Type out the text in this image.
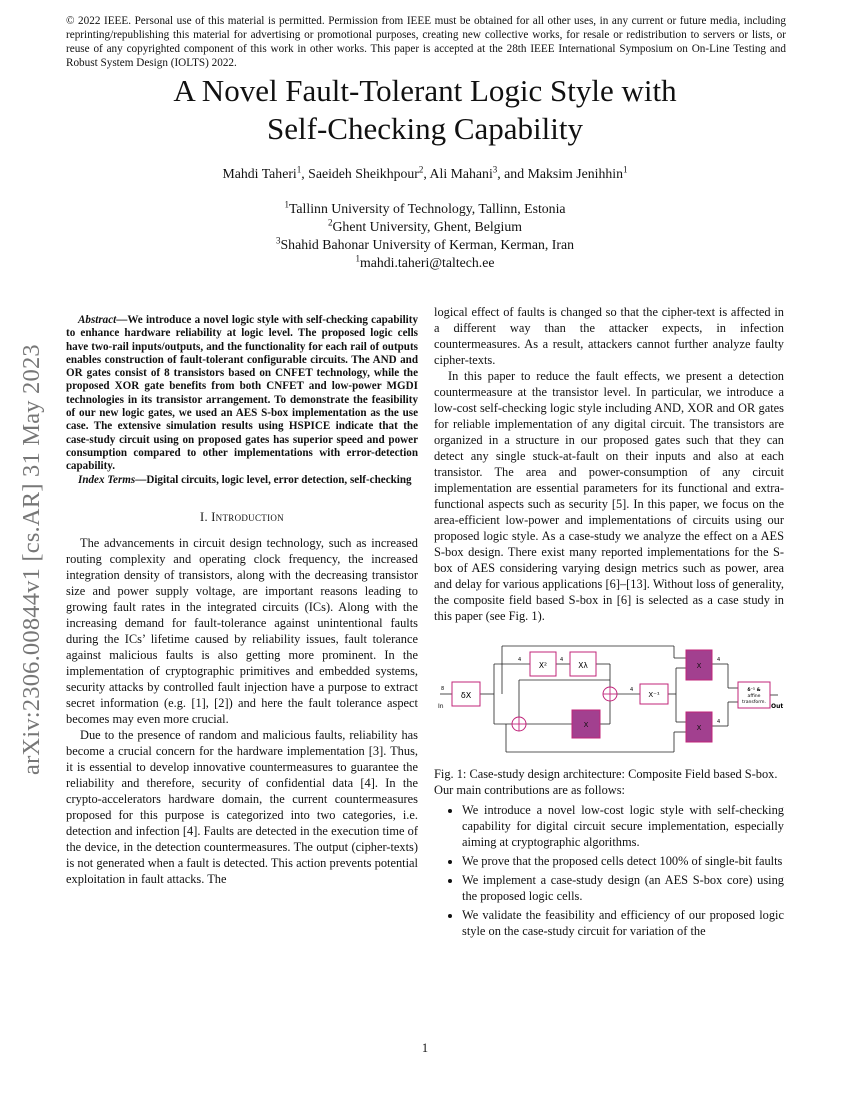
© 2022 IEEE. Personal use of this material is permitted. Permission from IEEE must be obtained for all other uses, in any current or future media, including reprinting/republishing this material for advertising or promotional purposes, creating new collective works, for resale or redistribution to servers or lists, or reuse of any copyrighted component of this work in other works. This paper is accepted at the 28th IEEE International Symposium on On-Line Testing and Robust System Design (IOLTS) 2022.
A Novel Fault-Tolerant Logic Style with
Self-Checking Capability
Mahdi Taheri$^1$, Saeideh Sheikhpour$^2$, Ali Mahani$^3$, and Maksim Jenihhin$^1$
$^1$Tallinn University of Technology, Tallinn, Estonia
$^2$Ghent University, Ghent, Belgium
$^3$Shahid Bahonar University of Kerman, Kerman, Iran
$^1$mahdi.taheri@taltech.ee
arXiv:2306.00844v1 [cs.AR] 31 May 2023

Abstract—We introduce a novel logic style with self-checking capability to enhance hardware reliability at logic level. The proposed logic cells have two-rail inputs/outputs, and the functionality for each rail of outputs enables construction of fault-tolerant configurable circuits. The AND and OR gates consist of 8 transistors based on CNFET technology, while the proposed XOR gate benefits from both CNFET and low-power MGDI technologies in its transistor arrangement. To demonstrate the feasibility of our new logic gates, we used an AES S-box implementation as the use case. The extensive simulation results using HSPICE indicate that the case-study circuit using on proposed gates has superior speed and power consumption compared to other implementations with error-detection capability.

Index Terms—Digital circuits, logic level, error detection, self-checking

I. Introduction

The advancements in circuit design technology, such as increased routing complexity and operating clock frequency, the increased integration density of transistors, along with the decreasing transistor size and power supply voltage, are important reasons leading to growing fault rates in the integrated circuits (ICs). Along with the increasing demand for fault-tolerance against unintentional faults during the ICs’ lifetime caused by reliability issues, fault tolerance against malicious faults is also getting more prominent. In the implementation of cryptographic primitives and embedded systems, security attacks by controlled fault injection have a purpose to extract secret information (e.g. [1], [2]) and here the fault tolerance aspect becomes may even more crucial.

Due to the presence of random and malicious faults, reliability has become a crucial concern for the hardware implementation [3]. Thus, it is essential to develop innovative countermeasures to guarantee the reliability and therefore, security of confidential data [4]. In the crypto-accelerators hardware domain, the current countermeasures proposed for this purpose is categorized into two categories, i.e. detection and infection [4]. Faults are detected in the execution time of the device, in the detection countermeasures. The output (cipher-texts) is not generated when a fault is detected. This action prevents potential exploitation in fault attacks. The

logical effect of faults is changed so that the cipher-text is affected in a different way than the attacker expects, in infection countermeasures. As a result, attackers cannot further analyze faulty cipher-texts.

In this paper to reduce the fault effects, we present a detection countermeasure at the transistor level. In particular, we introduce a low-cost self-checking logic style including AND, XOR and OR gates for reliable implementation of any digital circuit. The transistors are organized in a structure in our proposed gates such that they can detect any single stuck-at-fault on their inputs and also at each transistor. The area and power-consumption of any circuit implementation are essential parameters for its functional and extra-functional aspects such as security [5]. In this paper, we focus on the area-efficient low-power and implementations of circuits using our proposed logic style. As a case-study we analyze the effect on a AES S-box design. There exist many reported implementations for the S-box of AES considering varying design metrics such as power, area and delay for various applications [6]–[13]. Without loss of generality, the composite field based S-box in [6] is selected as a case study in this paper (see Fig. 1).

δX
X²	Xλ
X
X⁻¹
X
X
δ⁻¹ &
affine
transform.
In
8
Out
4	4
4
4
4
Fig. 1: Case-study design architecture: Composite Field based S-box.

Our main contributions are as follows:

• We introduce a novel low-cost logic style with self-checking capability for digital circuit secure implementation, especially aiming at cryptographic algorithms.
• We prove that the proposed cells detect 100% of single-bit faults
• We implement a case-study design (an AES S-box core) using the proposed logic cells.
• We validate the feasibility and efficiency of our proposed logic style on the case-study circuit for variation of the
1
